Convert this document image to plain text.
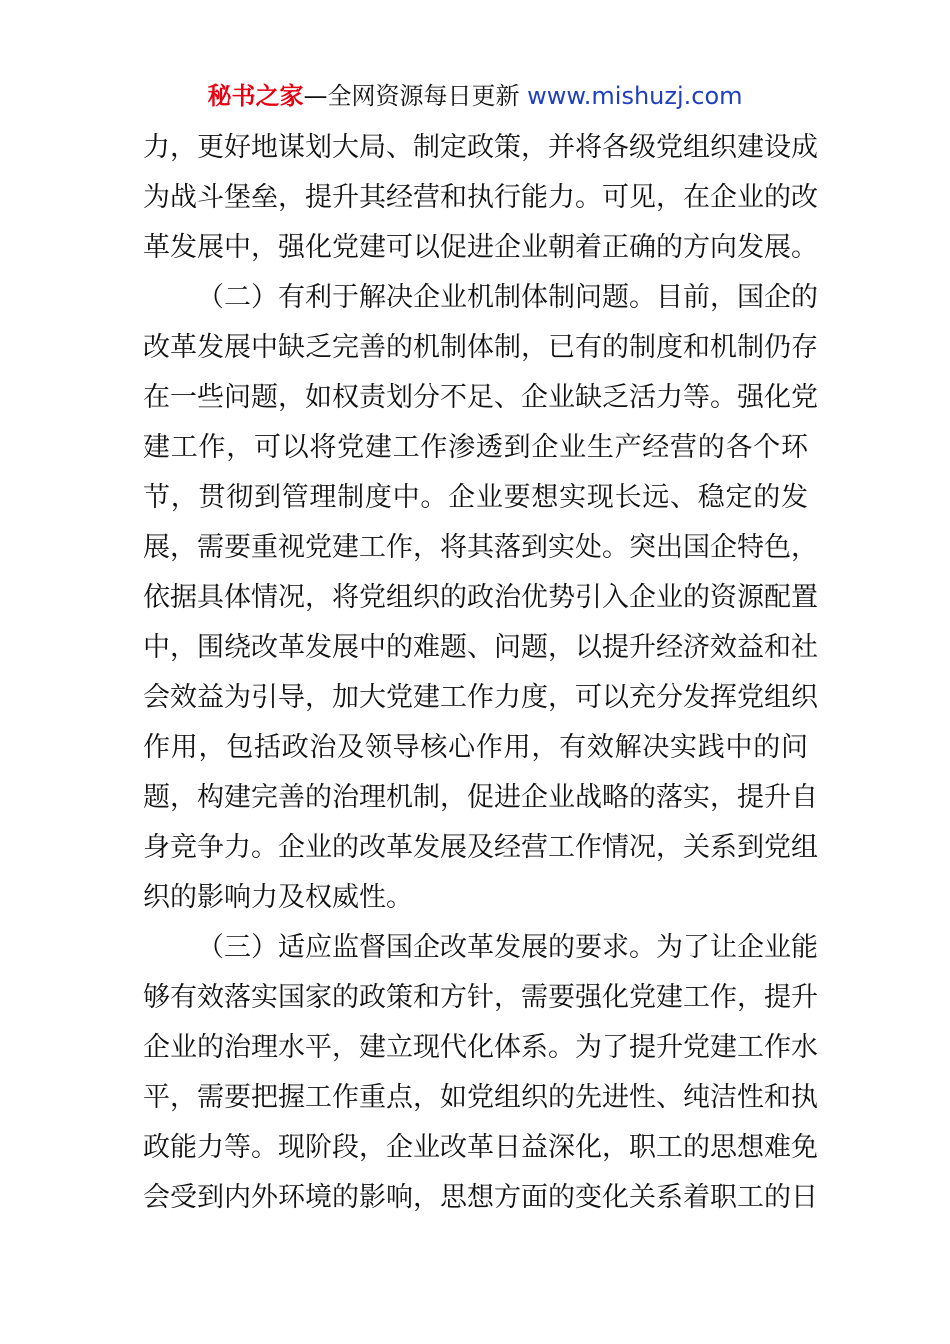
秘书之家—全网资源每日更新 www.mishuzj.com
力，更好地谋划大局、制定政策，并将各级党组织建设成
为战斗堡垒，提升其经营和执行能力。可见，在企业的改
革发展中，强化党建可以促进企业朝着正确的方向发展。
（二）有利于解决企业机制体制问题。目前，国企的
改革发展中缺乏完善的机制体制，已有的制度和机制仍存
在一些问题，如权责划分不足、企业缺乏活力等。强化党
建工作，可以将党建工作渗透到企业生产经营的各个环
节，贯彻到管理制度中。企业要想实现长远、稳定的发
展，需要重视党建工作，将其落到实处。突出国企特色，
依据具体情况，将党组织的政治优势引入企业的资源配置
中，围绕改革发展中的难题、问题，以提升经济效益和社
会效益为引导，加大党建工作力度，可以充分发挥党组织
作用，包括政治及领导核心作用，有效解决实践中的问
题，构建完善的治理机制，促进企业战略的落实，提升自
身竞争力。企业的改革发展及经营工作情况，关系到党组
织的影响力及权威性。
（三）适应监督国企改革发展的要求。为了让企业能
够有效落实国家的政策和方针，需要强化党建工作，提升
企业的治理水平，建立现代化体系。为了提升党建工作水
平，需要把握工作重点，如党组织的先进性、纯洁性和执
政能力等。现阶段，企业改革日益深化，职工的思想难免
会受到内外环境的影响，思想方面的变化关系着职工的日
